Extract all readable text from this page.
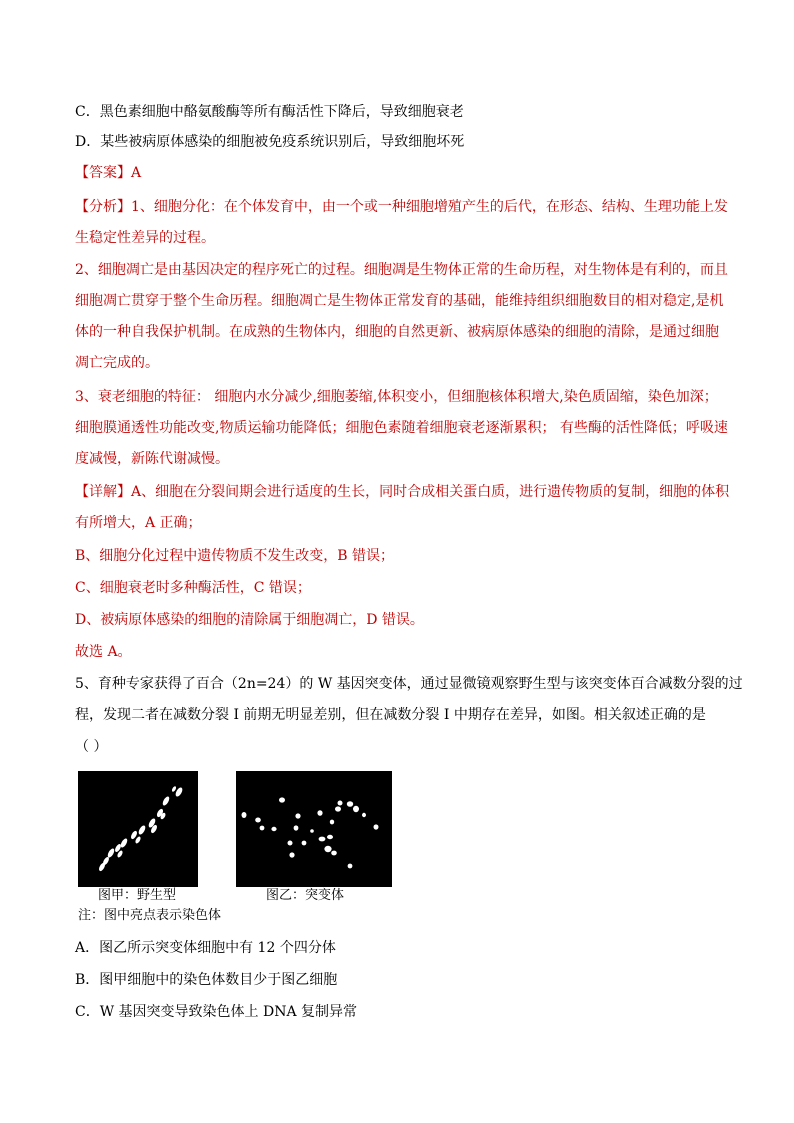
C．黑色素细胞中酪氨酸酶等所有酶活性下降后，导致细胞衰老
D．某些被病原体感染的细胞被免疫系统识别后，导致细胞坏死
【答案】A
【分析】1、细胞分化：在个体发育中，由一个或一种细胞增殖产生的后代，在形态、结构、生理功能上发
生稳定性差异的过程。
2、细胞凋亡是由基因决定的程序死亡的过程。细胞凋是生物体正常的生命历程，对生物体是有利的，而且
细胞凋亡贯穿于整个生命历程。细胞凋亡是生物体正常发育的基础，能维持组织细胞数目的相对稳定,是机
体的一种自我保护机制。在成熟的生物体内，细胞的自然更新、被病原体感染的细胞的清除，是通过细胞
凋亡完成的。
3、衰老细胞的特征： 细胞内水分减少,细胞萎缩,体积变小，但细胞核体积增大,染色质固缩，染色加深；
细胞膜通透性功能改变,物质运输功能降低；细胞色素随着细胞衰老逐渐累积； 有些酶的活性降低；呼吸速
度减慢，新陈代谢减慢。
【详解】A、细胞在分裂间期会进行适度的生长，同时合成相关蛋白质，进行遗传物质的复制，细胞的体积
有所增大，A 正确；
B、细胞分化过程中遗传物质不发生改变，B 错误；
C、细胞衰老时多种酶活性，C 错误；
D、被病原体感染的细胞的清除属于细胞凋亡，D 错误。
故选 A。
5、育种专家获得了百合（2n=24）的 W 基因突变体，通过显微镜观察野生型与该突变体百合减数分裂的过
程，发现二者在减数分裂 I 前期无明显差别，但在减数分裂 I 中期存在差异，如图。相关叙述正确的是
（ ）
图甲：野生型	图乙：突变体
注：图中亮点表示染色体
A．图乙所示突变体细胞中有 12 个四分体
B．图甲细胞中的染色体数目少于图乙细胞
C．W 基因突变导致染色体上 DNA 复制异常
